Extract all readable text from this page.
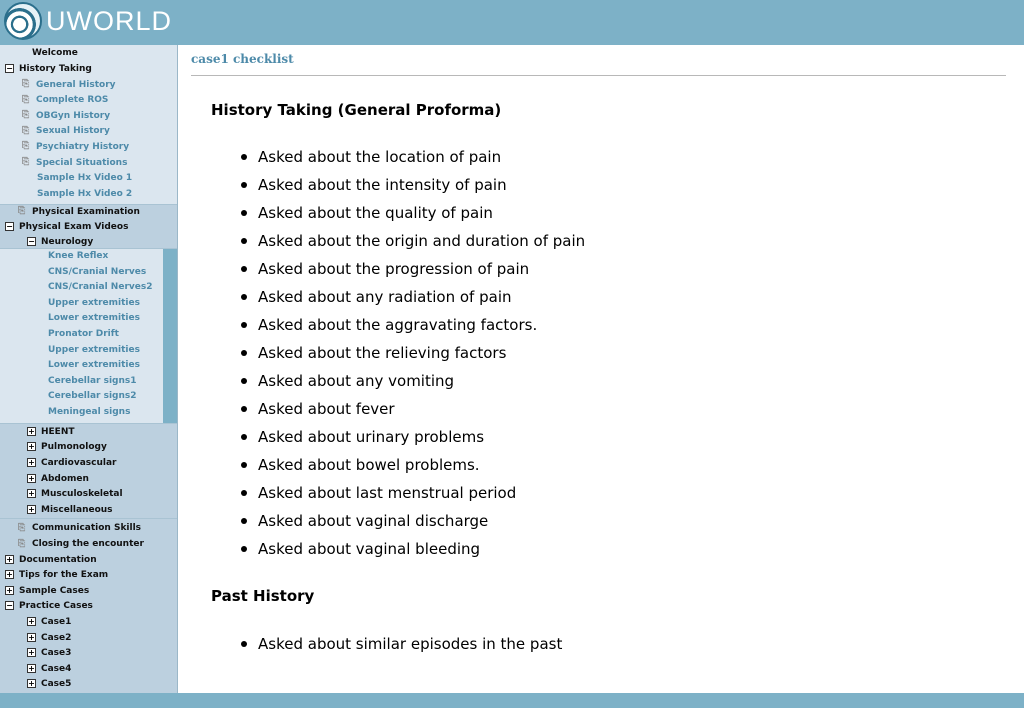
UWORLD
Welcome
− History Taking
⎘ General History
⎘ Complete ROS
⎘ OBGyn History
⎘ Sexual History
⎘ Psychiatry History
⎘ Special Situations
Sample Hx Video 1
Sample Hx Video 2
⎘ Physical Examination
− Physical Exam Videos
− Neurology
Knee Reflex
CNS/Cranial Nerves
CNS/Cranial Nerves2
Upper extremities
Lower extremities
Pronator Drift
Upper extremities
Lower extremities
Cerebellar signs1
Cerebellar signs2
Meningeal signs
+ HEENT
+ Pulmonology
+ Cardiovascular
+ Abdomen
+ Musculoskeletal
+ Miscellaneous
⎘ Communication Skills
⎘ Closing the encounter
+ Documentation
+ Tips for the Exam
+ Sample Cases
− Practice Cases
+ Case1
+ Case2
+ Case3
+ Case4
+ Case5
case1 checklist
History Taking (General Proforma)
Asked about the location of pain
Asked about the intensity of pain
Asked about the quality of pain
Asked about the origin and duration of pain
Asked about the progression of pain
Asked about any radiation of pain
Asked about the aggravating factors.
Asked about the relieving factors
Asked about any vomiting
Asked about fever
Asked about urinary problems
Asked about bowel problems.
Asked about last menstrual period
Asked about vaginal discharge
Asked about vaginal bleeding
Past History
Asked about similar episodes in the past
